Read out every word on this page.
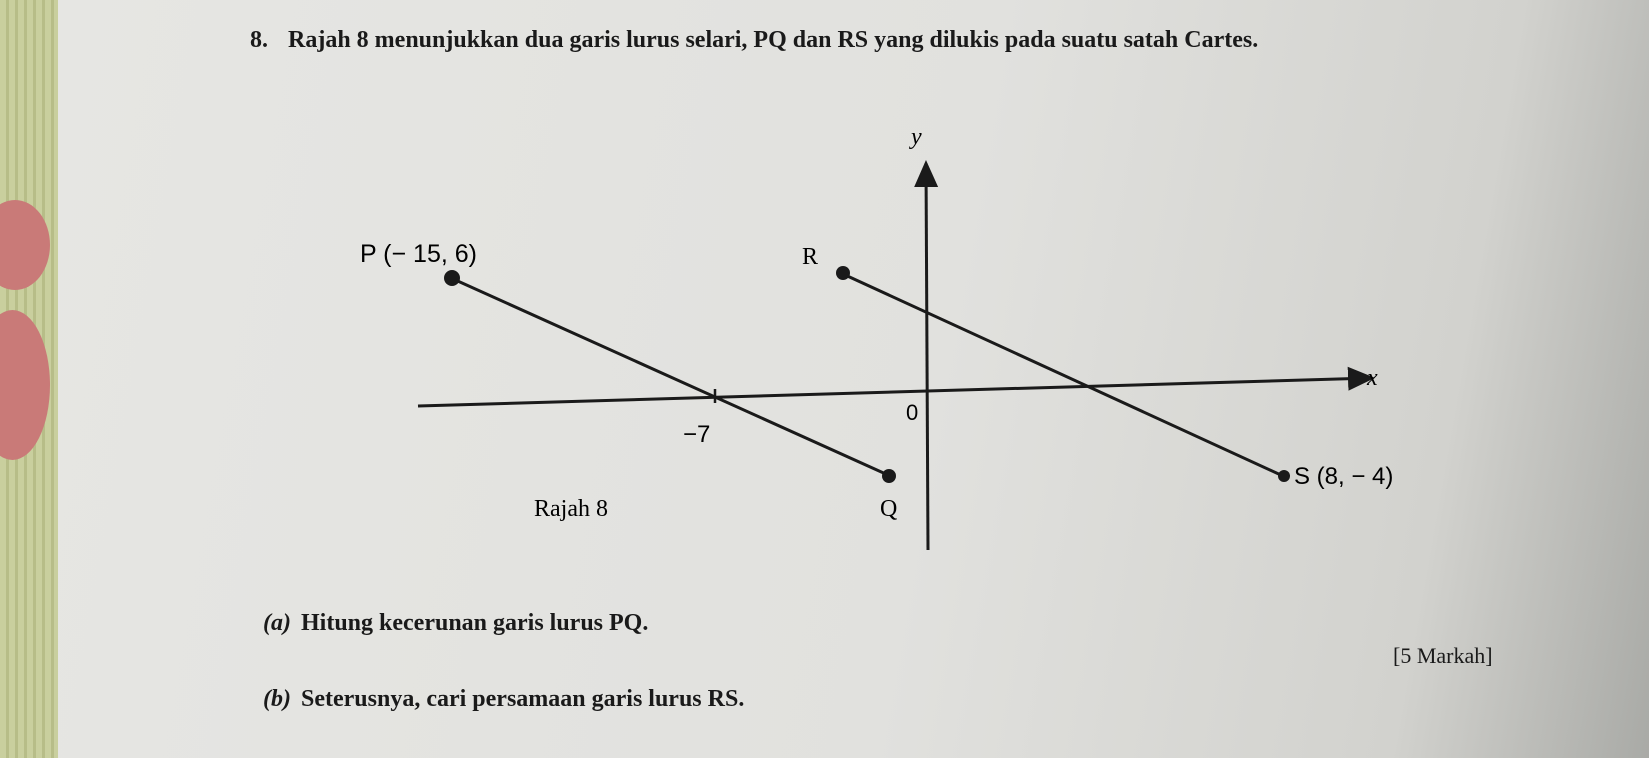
8. Rajah 8 menunjukkan dua garis lurus selari, PQ dan RS yang dilukis pada suatu satah Cartes.
y
x
0
−7
P (− 15, 6)
Q
R
S (8, − 4)
Rajah 8
(a) Hitung kecerunan garis lurus PQ.
[5 Markah]
(b) Seterusnya, cari persamaan garis lurus RS.
